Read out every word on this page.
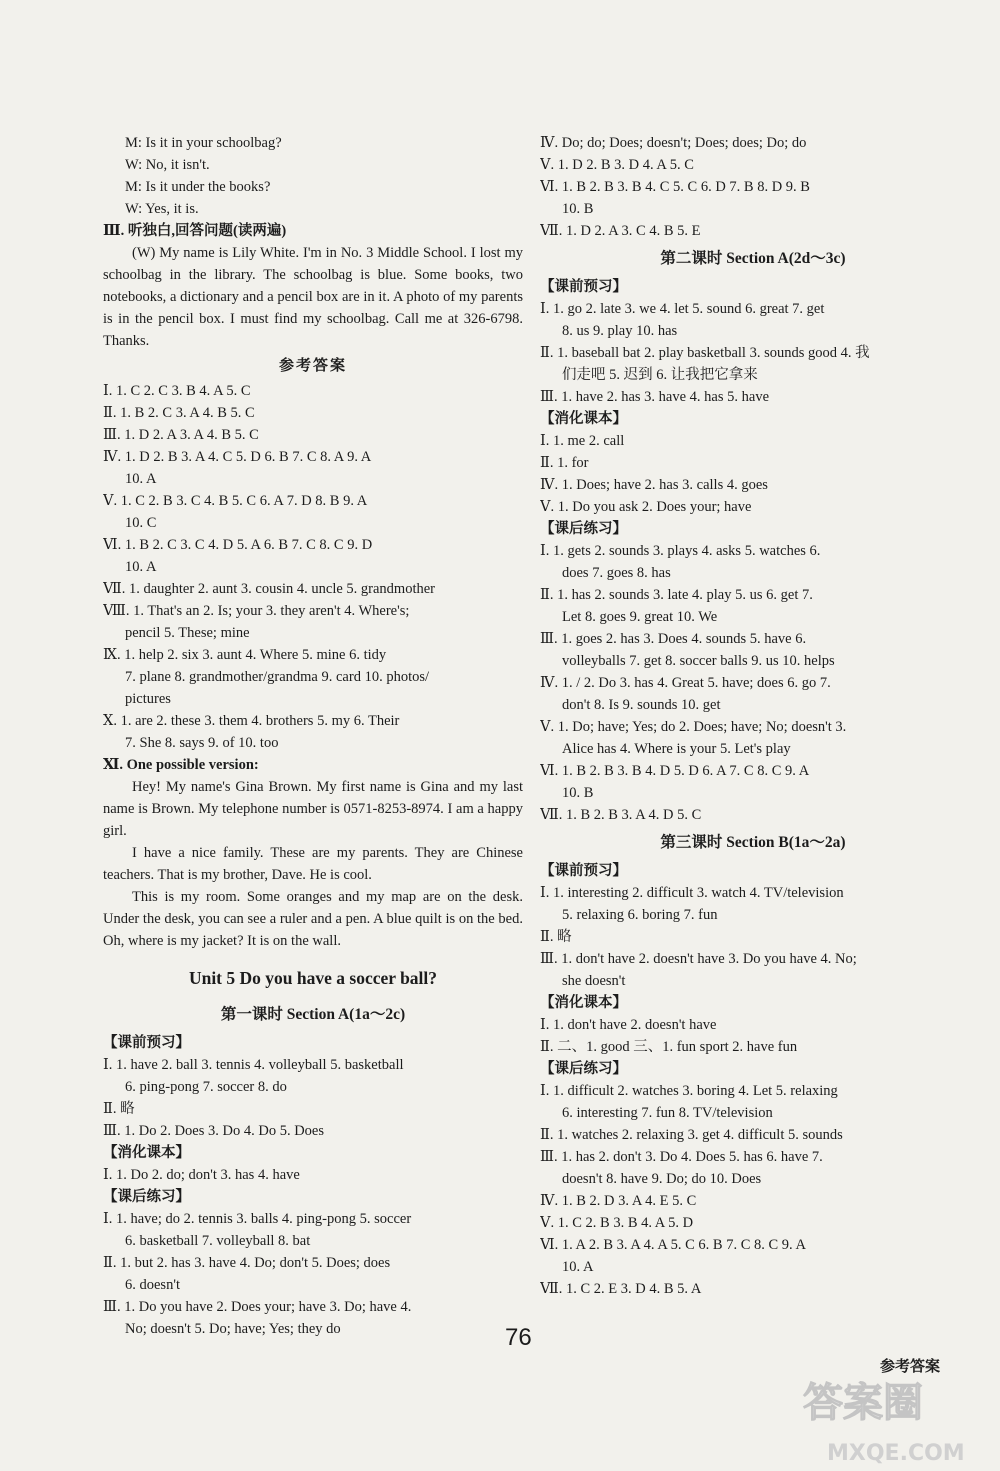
M: Is it in your schoolbag?
W: No, it isn't.
M: Is it under the books?
W: Yes, it is.
Ⅲ. 听独白,回答问题(读两遍)

(W) My name is Lily White. I'm in No. 3 Middle School. I lost my schoolbag in the library. The schoolbag is blue. Some books, two notebooks, a dictionary and a pencil box are in it. A photo of my parents is in the pencil box. I must find my schoolbag. Call me at 326-6798. Thanks.

参考答案
Ⅰ. 1. C 2. C 3. B 4. A 5. C
Ⅱ. 1. B 2. C 3. A 4. B 5. C
Ⅲ. 1. D 2. A 3. A 4. B 5. C
Ⅳ. 1. D 2. B 3. A 4. C 5. D 6. B 7. C 8. A 9. A
10. A
Ⅴ. 1. C 2. B 3. C 4. B 5. C 6. A 7. D 8. B 9. A
10. C
Ⅵ. 1. B 2. C 3. C 4. D 5. A 6. B 7. C 8. C 9. D
10. A
Ⅶ. 1. daughter 2. aunt 3. cousin 4. uncle 5. grandmother
Ⅷ. 1. That's an 2. Is; your 3. they aren't 4. Where's;
pencil 5. These; mine
Ⅸ. 1. help 2. six 3. aunt 4. Where 5. mine 6. tidy
7. plane 8. grandmother/grandma 9. card 10. photos/
pictures
Ⅹ. 1. are 2. these 3. them 4. brothers 5. my 6. Their
7. She 8. says 9. of 10. too
Ⅺ. One possible version:

Hey! My name's Gina Brown. My first name is Gina and my last name is Brown. My telephone number is 0571-8253-8974. I am a happy girl.

I have a nice family. These are my parents. They are Chinese teachers. That is my brother, Dave. He is cool.

This is my room. Some oranges and my map are on the desk. Under the desk, you can see a ruler and a pen. A blue quilt is on the bed. Oh, where is my jacket? It is on the wall.

Unit 5 Do you have a soccer ball?
第一课时 Section A(1a～2c)
【课前预习】
Ⅰ. 1. have 2. ball 3. tennis 4. volleyball 5. basketball
6. ping-pong 7. soccer 8. do
Ⅱ. 略
Ⅲ. 1. Do 2. Does 3. Do 4. Do 5. Does
【消化课本】
Ⅰ. 1. Do 2. do; don't 3. has 4. have
【课后练习】
Ⅰ. 1. have; do 2. tennis 3. balls 4. ping-pong 5. soccer
6. basketball 7. volleyball 8. bat
Ⅱ. 1. but 2. has 3. have 4. Do; don't 5. Does; does
6. doesn't
Ⅲ. 1. Do you have 2. Does your; have 3. Do; have 4.
No; doesn't 5. Do; have; Yes; they do
Ⅳ. Do; do; Does; doesn't; Does; does; Do; do
Ⅴ. 1. D 2. B 3. D 4. A 5. C
Ⅵ. 1. B 2. B 3. B 4. C 5. C 6. D 7. B 8. D 9. B
10. B
Ⅶ. 1. D 2. A 3. C 4. B 5. E
第二课时 Section A(2d～3c)
【课前预习】
Ⅰ. 1. go 2. late 3. we 4. let 5. sound 6. great 7. get
8. us 9. play 10. has
Ⅱ. 1. baseball bat 2. play basketball 3. sounds good 4. 我
们走吧 5. 迟到 6. 让我把它拿来
Ⅲ. 1. have 2. has 3. have 4. has 5. have
【消化课本】
Ⅰ. 1. me 2. call
Ⅱ. 1. for
Ⅳ. 1. Does; have 2. has 3. calls 4. goes
Ⅴ. 1. Do you ask 2. Does your; have
【课后练习】
Ⅰ. 1. gets 2. sounds 3. plays 4. asks 5. watches 6.
does 7. goes 8. has
Ⅱ. 1. has 2. sounds 3. late 4. play 5. us 6. get 7.
Let 8. goes 9. great 10. We
Ⅲ. 1. goes 2. has 3. Does 4. sounds 5. have 6.
volleyballs 7. get 8. soccer balls 9. us 10. helps
Ⅳ. 1. / 2. Do 3. has 4. Great 5. have; does 6. go 7.
don't 8. Is 9. sounds 10. get
Ⅴ. 1. Do; have; Yes; do 2. Does; have; No; doesn't 3.
Alice has 4. Where is your 5. Let's play
Ⅵ. 1. B 2. B 3. B 4. D 5. D 6. A 7. C 8. C 9. A
10. B
Ⅶ. 1. B 2. B 3. A 4. D 5. C
第三课时 Section B(1a～2a)
【课前预习】
Ⅰ. 1. interesting 2. difficult 3. watch 4. TV/television
5. relaxing 6. boring 7. fun
Ⅱ. 略
Ⅲ. 1. don't have 2. doesn't have 3. Do you have 4. No;
she doesn't
【消化课本】
Ⅰ. 1. don't have 2. doesn't have
Ⅱ. 二、1. good 三、1. fun sport 2. have fun
【课后练习】
Ⅰ. 1. difficult 2. watches 3. boring 4. Let 5. relaxing
6. interesting 7. fun 8. TV/television
Ⅱ. 1. watches 2. relaxing 3. get 4. difficult 5. sounds
Ⅲ. 1. has 2. don't 3. Do 4. Does 5. has 6. have 7.
doesn't 8. have 9. Do; do 10. Does
Ⅳ. 1. B 2. D 3. A 4. E 5. C
Ⅴ. 1. C 2. B 3. B 4. A 5. D
Ⅵ. 1. A 2. B 3. A 4. A 5. C 6. B 7. C 8. C 9. A
10. A
Ⅶ. 1. C 2. E 3. D 4. B 5. A
76
参考答案
答案圈
MXQE.COM
